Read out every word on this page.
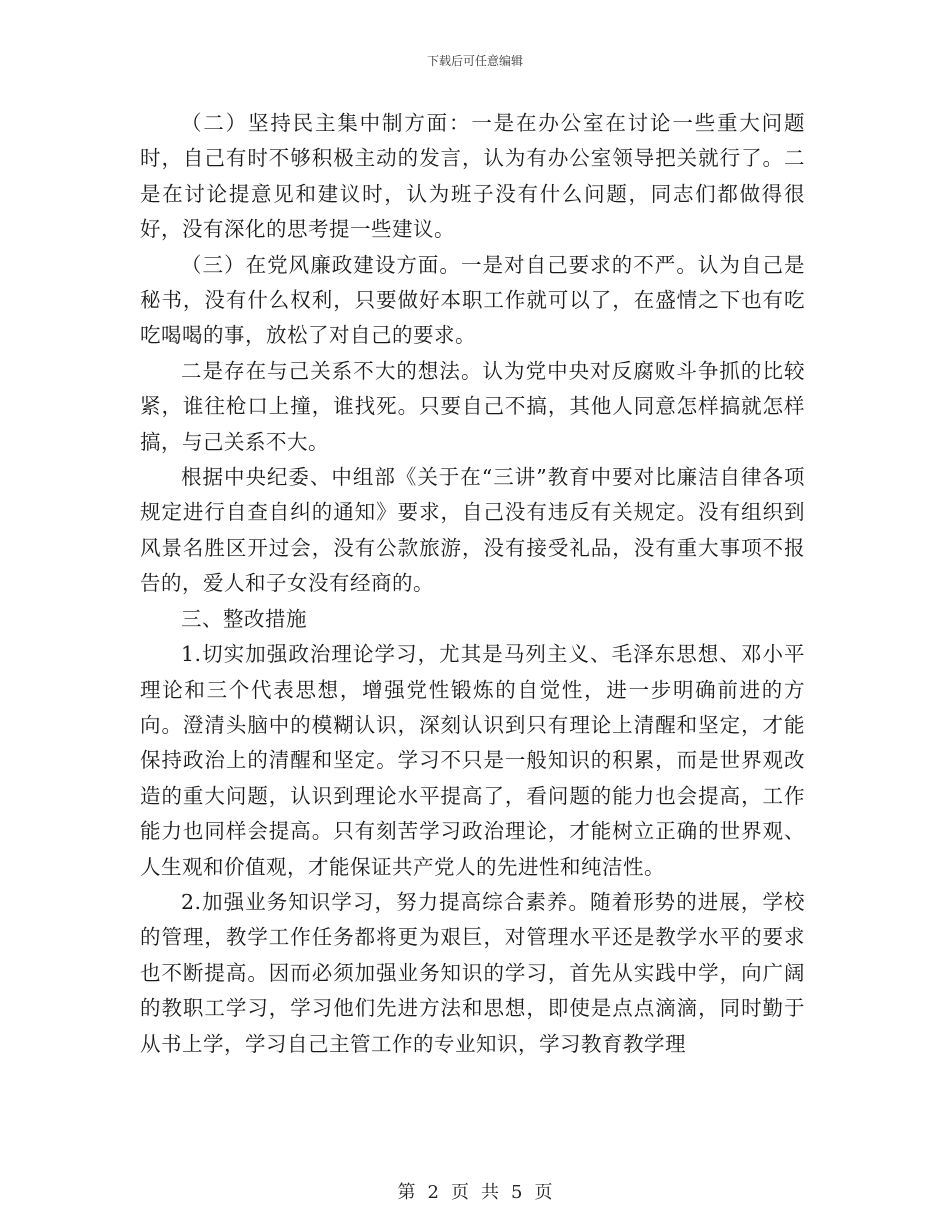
下载后可任意编辑

（二）坚持民主集中制方面：一是在办公室在讨论一些重大问题时，自己有时不够积极主动的发言，认为有办公室领导把关就行了。二是在讨论提意见和建议时，认为班子没有什么问题，同志们都做得很好，没有深化的思考提一些建议。

（三）在党风廉政建设方面。一是对自己要求的不严。认为自己是秘书，没有什么权利，只要做好本职工作就可以了，在盛情之下也有吃吃喝喝的事，放松了对自己的要求。

二是存在与己关系不大的想法。认为党中央对反腐败斗争抓的比较紧，谁往枪口上撞，谁找死。只要自己不搞，其他人同意怎样搞就怎样搞，与己关系不大。

根据中央纪委、中组部《关于在“三讲”教育中要对比廉洁自律各项规定进行自查自纠的通知》要求，自己没有违反有关规定。没有组织到风景名胜区开过会，没有公款旅游，没有接受礼品，没有重大事项不报告的，爱人和子女没有经商的。

三、整改措施

1.切实加强政治理论学习，尤其是马列主义、毛泽东思想、邓小平理论和三个代表思想，增强党性锻炼的自觉性，进一步明确前进的方向。澄清头脑中的模糊认识，深刻认识到只有理论上清醒和坚定，才能保持政治上的清醒和坚定。学习不只是一般知识的积累，而是世界观改造的重大问题，认识到理论水平提高了，看问题的能力也会提高，工作能力也同样会提高。只有刻苦学习政治理论，才能树立正确的世界观、人生观和价值观，才能保证共产党人的先进性和纯洁性。

2.加强业务知识学习，努力提高综合素养。随着形势的进展，学校的管理，教学工作任务都将更为艰巨，对管理水平还是教学水平的要求也不断提高。因而必须加强业务知识的学习，首先从实践中学，向广阔的教职工学习，学习他们先进方法和思想，即使是点点滴滴，同时勤于从书上学，学习自己主管工作的专业知识，学习教育教学理

第 2 页 共 5 页
